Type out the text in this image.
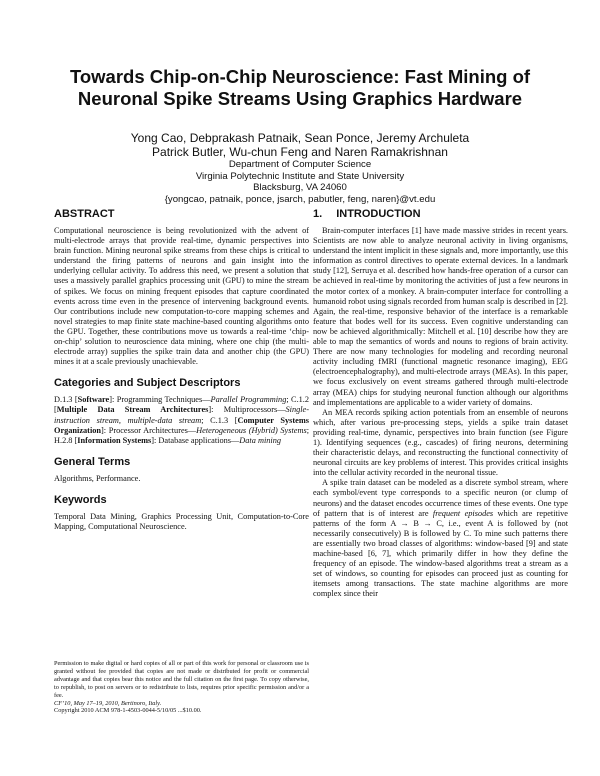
Towards Chip-on-Chip Neuroscience: Fast Mining of Neuronal Spike Streams Using Graphics Hardware
Yong Cao, Debprakash Patnaik, Sean Ponce, Jeremy Archuleta
Patrick Butler, Wu-chun Feng and Naren Ramakrishnan
Department of Computer Science
Virginia Polytechnic Institute and State University
Blacksburg, VA 24060
{yongcao, patnaik, ponce, jsarch, pabutler, feng, naren}@vt.edu
ABSTRACT

Computational neuroscience is being revolutionized with the advent of multi-electrode arrays that provide real-time, dynamic perspectives into brain function. Mining neuronal spike streams from these chips is critical to understand the firing patterns of neurons and gain insight into the underlying cellular activity. To address this need, we present a solution that uses a massively parallel graphics processing unit (GPU) to mine the stream of spikes. We focus on mining frequent episodes that capture coordinated events across time even in the presence of intervening background events. Our contributions include new computation-to-core mapping schemes and novel strategies to map finite state machine-based counting algorithms onto the GPU. Together, these contributions move us towards a real-time ‘chip-on-chip’ solution to neuroscience data mining, where one chip (the multi-electrode array) supplies the spike train data and another chip (the GPU) mines it at a scale previously unachievable.

Categories and Subject Descriptors

D.1.3 [Software]: Programming Techniques—Parallel Programming; C.1.2 [Multiple Data Stream Architectures]: Multiprocessors—Single-instruction stream, multiple-data stream; C.1.3 [Computer Systems Organization]: Processor Architectures—Heterogeneous (Hybrid) Systems; H.2.8 [Information Systems]: Database applications—Data mining

General Terms

Algorithms, Performance.

Keywords

Temporal Data Mining, Graphics Processing Unit, Computation-to-Core Mapping, Computational Neuroscience.

Permission to make digital or hard copies of all or part of this work for personal or classroom use is granted without fee provided that copies are not made or distributed for profit or commercial advantage and that copies bear this notice and the full citation on the first page. To copy otherwise, to republish, to post on servers or to redistribute to lists, requires prior specific permission and/or a fee.
CF’10, May 17–19, 2010, Bertinoro, Italy.
Copyright 2010 ACM 978-1-4503-0044-5/10/05 ...$10.00.
1. INTRODUCTION

Brain-computer interfaces [1] have made massive strides in recent years. Scientists are now able to analyze neuronal activity in living organisms, understand the intent implicit in these signals and, more importantly, use this information as control directives to operate external devices. In a landmark study [12], Serruya et al. described how hands-free operation of a cursor can be achieved in real-time by monitoring the activities of just a few neurons in the motor cortex of a monkey. A brain-computer interface for controlling a humanoid robot using signals recorded from human scalp is described in [2]. Again, the real-time, responsive behavior of the interface is a remarkable feature that bodes well for its success. Even cognitive understanding can now be achieved algorithmically: Mitchell et al. [10] describe how they are able to map the semantics of words and nouns to regions of brain activity. There are now many technologies for modeling and recording neuronal activity including fMRI (functional magnetic resonance imaging), EEG (electroencephalography), and multi-electrode arrays (MEAs). In this paper, we focus exclusively on event streams gathered through multi-electrode array (MEA) chips for studying neuronal function although our algorithms and implementations are applicable to a wider variety of domains.

An MEA records spiking action potentials from an ensemble of neurons which, after various pre-processing steps, yields a spike train dataset providing real-time, dynamic, perspectives into brain function (see Figure 1). Identifying sequences (e.g., cascades) of firing neurons, determining their characteristic delays, and reconstructing the functional connectivity of neuronal circuits are key problems of interest. This provides critical insights into the cellular activity recorded in the neuronal tissue.

A spike train dataset can be modeled as a discrete symbol stream, where each symbol/event type corresponds to a specific neuron (or clump of neurons) and the dataset encodes occurrence times of these events. One type of pattern that is of interest are frequent episodes which are repetitive patterns of the form A → B → C, i.e., event A is followed by (not necessarily consecutively) B is followed by C. To mine such patterns there are essentially two broad classes of algorithms: window-based [9] and state machine-based [6, 7], which primarily differ in how they define the frequency of an episode. The window-based algorithms treat a stream as a set of windows, so counting for episodes can proceed just as counting for itemsets among transactions. The state machine algorithms are more complex since their
